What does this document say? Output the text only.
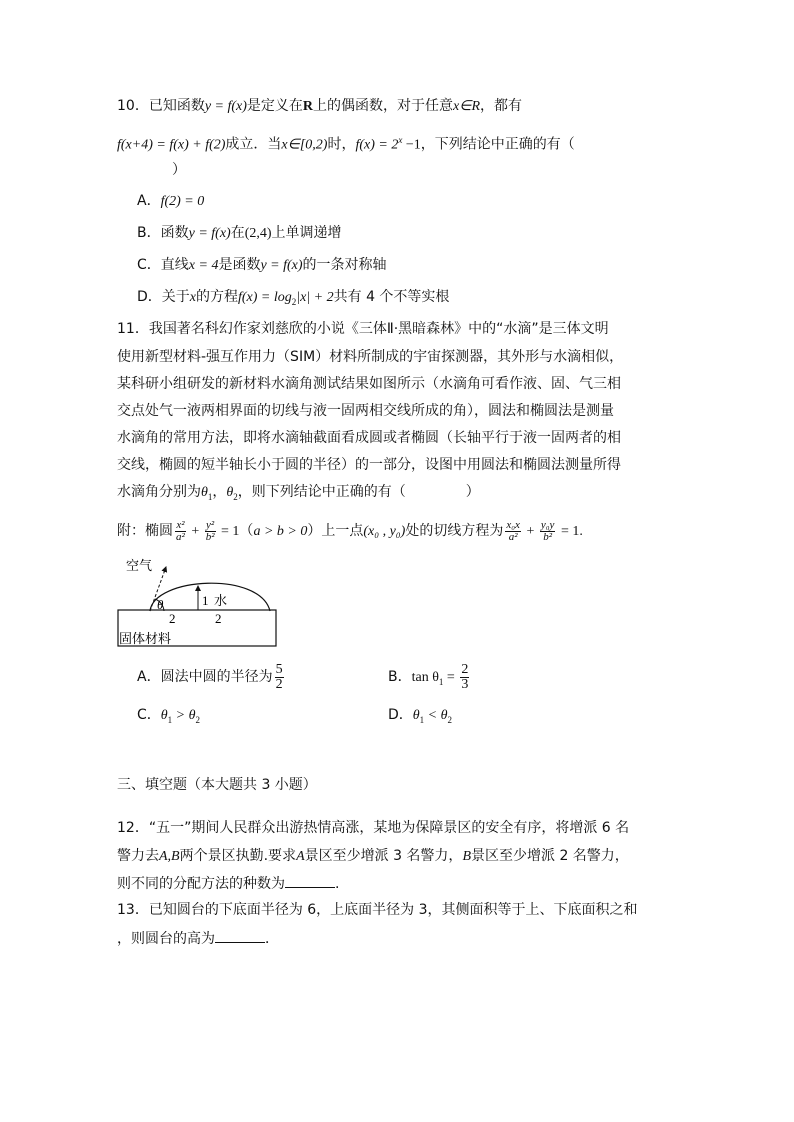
10．已知函数y = f(x)是定义在R上的偶函数，对于任意x∈R，都有
f(x+4) = f(x) + f(2)成立．当x∈[0,2)时，$f(x) = 2^x -1$，下列结论中正确的有（
）
A．f(2) = 0
B．函数y = f(x)在(2,4)上单调递增
C．直线x = 4是函数y = f(x)的一条对称轴
D．关于x的方程$f(x) = \log_2|x| + 2$共有 4 个不等实根
11．我国著名科幻作家刘慈欣的小说《三体Ⅱ·黑暗森林》中的“水滴”是三体文明
使用新型材料-强互作用力（SIM）材料所制成的宇宙探测器，其外形与水滴相似，
某科研小组研发的新材料水滴角测试结果如图所示（水滴角可看作液、固、气三相
交点处气一液两相界面的切线与液一固两相交线所成的角），圆法和椭圆法是测量
水滴角的常用方法，即将水滴轴截面看成圆或者椭圆（长轴平行于液一固两者的相
交线，椭圆的短半轴长小于圆的半径）的一部分，设图中用圆法和椭圆法测量所得
水滴角分别为$\theta_1$，$\theta_2$，则下列结论中正确的有（	）
附：椭圆 $\frac{\text{x²}}{\text{a²}} + \frac{\text{y²}}{\text{b²}} = 1(a > b > 0)$上一点(x₀ , y₀)处的切线方程为 $\frac{\text{x₀x}}{\text{a²}} + \frac{\text{y₀y}}{\text{b²}} = 1$.
空气
θ	1 水
2	2
固体材料
A．圆法中圆的半径为 $\frac{5}{2}$	B．$\tan \theta_1 = \frac{2}{3}$
C．$\theta_1 > \theta_2$	D．$\theta_1 < \theta_2$
三、填空题（本大题共 3 小题）
12．“五一”期间人民群众出游热情高涨，某地为保障景区的安全有序，将增派 6 名
警力去A,B两个景区执勤.要求A景区至少增派 3 名警力，B景区至少增派 2 名警力，
则不同的分配方法的种数为	.
13．已知圆台的下底面半径为 6，上底面半径为 3，其侧面积等于上、下底面积之和
，则圆台的高为	．
